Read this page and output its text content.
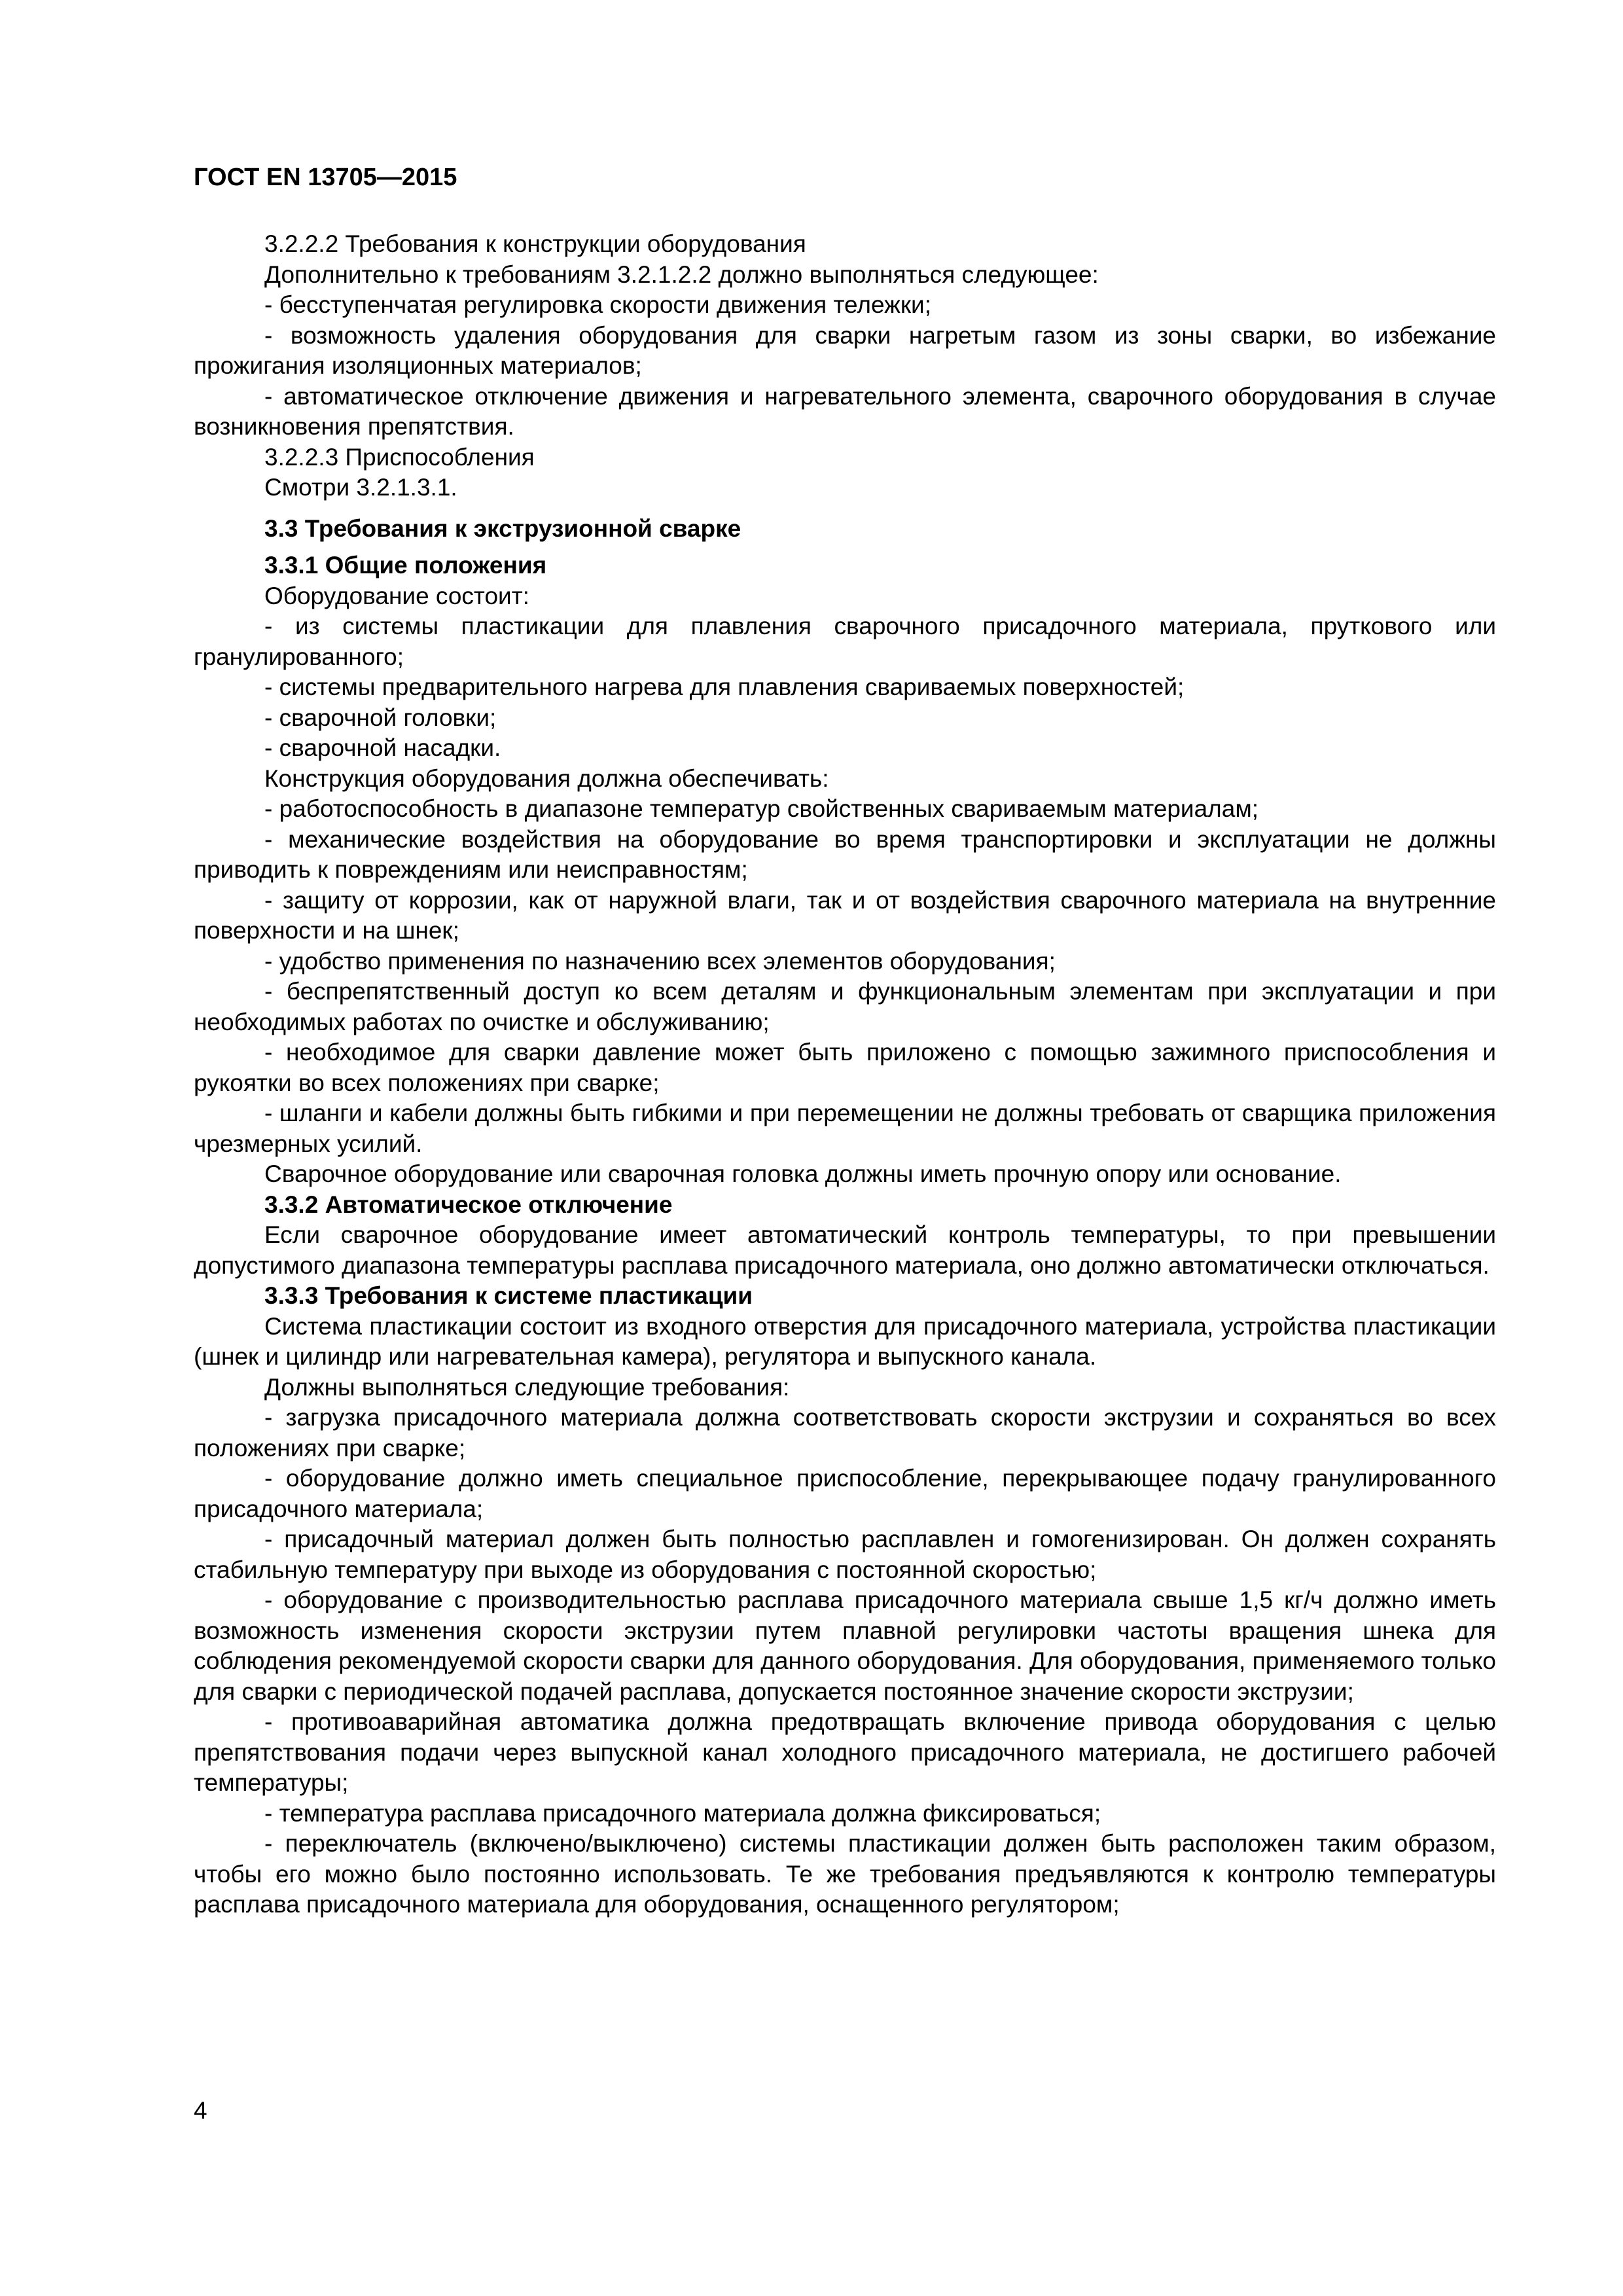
ГОСТ EN 13705—2015

3.2.2.2 Требования к конструкции оборудования

Дополнительно к требованиям 3.2.1.2.2 должно выполняться следующее:

- бесступенчатая регулировка скорости движения тележки;

- возможность удаления оборудования для сварки нагретым газом из зоны сварки, во избежание прожигания изоляционных материалов;

- автоматическое отключение движения и нагревательного элемента, сварочного оборудования в случае возникновения препятствия.

3.2.2.3 Приспособления

Смотри 3.2.1.3.1.

3.3 Требования к экструзионной сварке

3.3.1 Общие положения

Оборудование состоит:

- из системы пластикации для плавления сварочного присадочного материала, пруткового или гранулированного;

- системы предварительного нагрева для плавления свариваемых поверхностей;

- сварочной головки;

- сварочной насадки.

Конструкция оборудования должна обеспечивать:

- работоспособность в диапазоне температур свойственных свариваемым материалам;

- механические воздействия на оборудование во время транспортировки и эксплуатации не должны приводить к повреждениям или неисправностям;

- защиту от коррозии, как от наружной влаги, так и от воздействия сварочного материала на внутренние поверхности и на шнек;

- удобство применения по назначению всех элементов оборудования;

- беспрепятственный доступ ко всем деталям и функциональным элементам при эксплуатации и при необходимых работах по очистке и обслуживанию;

- необходимое для сварки давление может быть приложено с помощью зажимного приспособления и рукоятки во всех положениях при сварке;

- шланги и кабели должны быть гибкими и при перемещении не должны требовать от сварщика приложения чрезмерных усилий.

Сварочное оборудование или сварочная головка должны иметь прочную опору или основание.

3.3.2 Автоматическое отключение

Если сварочное оборудование имеет автоматический контроль температуры, то при превышении допустимого диапазона температуры расплава присадочного материала, оно должно автоматически отключаться.

3.3.3 Требования к системе пластикации

Система пластикации состоит из входного отверстия для присадочного материала, устройства пластикации (шнек и цилиндр или нагревательная камера), регулятора и выпускного канала.

Должны выполняться следующие требования:

- загрузка присадочного материала должна соответствовать скорости экструзии и сохраняться во всех положениях при сварке;

- оборудование должно иметь специальное приспособление, перекрывающее подачу гранулированного присадочного материала;

- присадочный материал должен быть полностью расплавлен и гомогенизирован. Он должен сохранять стабильную температуру при выходе из оборудования с постоянной скоростью;

- оборудование с производительностью расплава присадочного материала свыше 1,5 кг/ч должно иметь возможность изменения скорости экструзии путем плавной регулировки частоты вращения шнека для соблюдения рекомендуемой скорости сварки для данного оборудования. Для оборудования, применяемого только для сварки с периодической подачей расплава, допускается постоянное значение скорости экструзии;

- противоаварийная автоматика должна предотвращать включение привода оборудования с целью препятствования подачи через выпускной канал холодного присадочного материала, не достигшего рабочей температуры;

- температура расплава присадочного материала должна фиксироваться;

- переключатель (включено/выключено) системы пластикации должен быть расположен таким образом, чтобы его можно было постоянно использовать. Те же требования предъявляются к контролю температуры расплава присадочного материала для оборудования, оснащенного регулятором;

4
